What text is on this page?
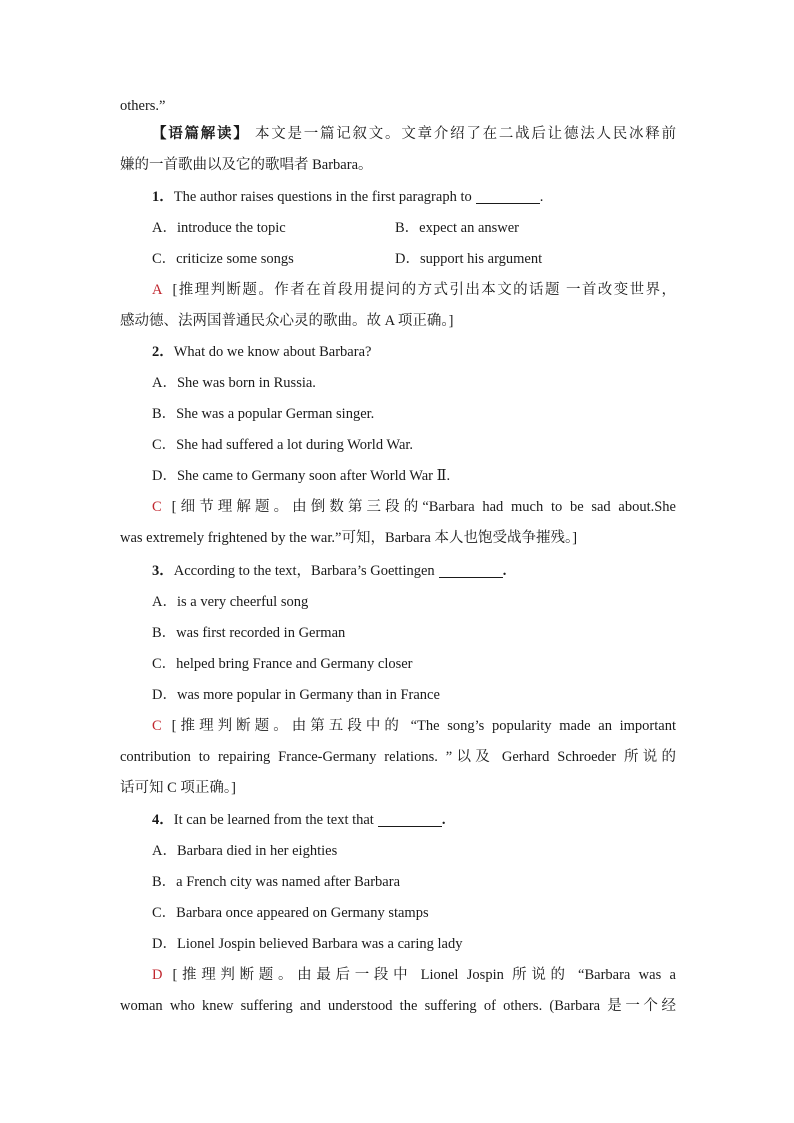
others.”
【语篇解读】 本文是一篇记叙文。文章介绍了在二战后让德法人民冰释前
嫌的一首歌曲以及它的歌唱者 Barbara。
1．The author raises questions in the first paragraph to	.
A．introduce the topic	B．expect an answer
C．criticize some songs	D．support his argument
A [推理判断题。作者在首段用提问的方式引出本文的话题 一首改变世界，
感动德、法两国普通民众心灵的歌曲。故 A 项正确。]
2．What do we know about Barbara?
A．She was born in Russia.
B．She was a popular German singer.
C．She had suffered a lot during World War.
D．She came to Germany soon after World War Ⅱ.
C [细节理解题。由倒数第三段的“Barbara had much to be sad about.She
was extremely frightened by the war.”可知，Barbara 本人也饱受战争摧残。]
3．According to the text，Barbara’s Goettingen	.
A．is a very cheerful song
B．was first recorded in German
C．helped bring France and Germany closer
D．was more popular in Germany than in France
C [推理判断题。由第五段中的 “The song’s popularity made an important
contribution to repairing France-Germany relations. ”以及 Gerhard Schroeder 所说的
话可知 C 项正确。]
4．It can be learned from the text that	.
A．Barbara died in her eighties
B．a French city was named after Barbara
C．Barbara once appeared on Germany stamps
D．Lionel Jospin believed Barbara was a caring lady
D [推理判断题。由最后一段中 Lionel Jospin 所说的 “Barbara was a
woman who knew suffering and understood the suffering of others. (Barbara 是一个经
